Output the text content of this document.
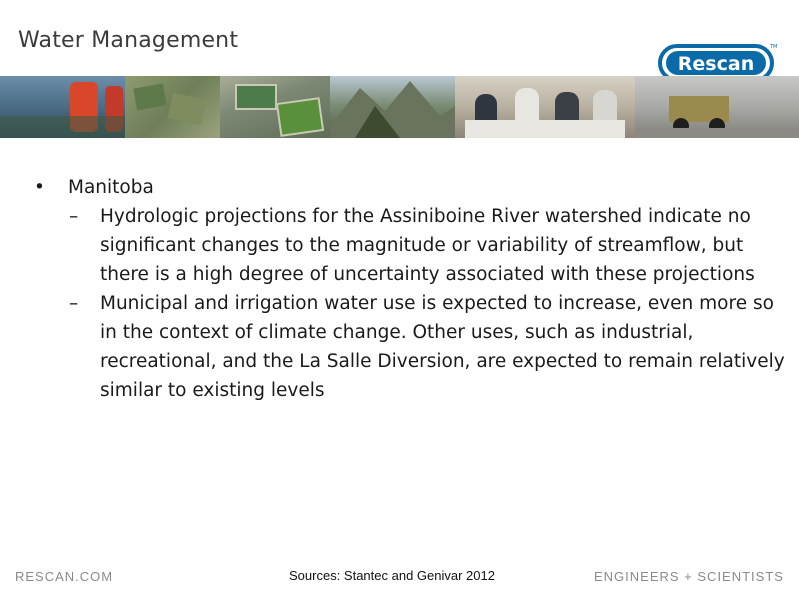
Water Management
Rescan
TM
• Manitoba
– Hydrologic projections for the Assiniboine River watershed indicate no significant changes to the magnitude or variability of streamflow, but there is a high degree of uncertainty associated with these projections
– Municipal and irrigation water use is expected to increase, even more so in the context of climate change. Other uses, such as industrial, recreational, and the La Salle Diversion, are expected to remain relatively similar to existing levels
RESCAN.COM	Sources: Stantec and Genivar 2012	ENGINEERS + SCIENTISTS
